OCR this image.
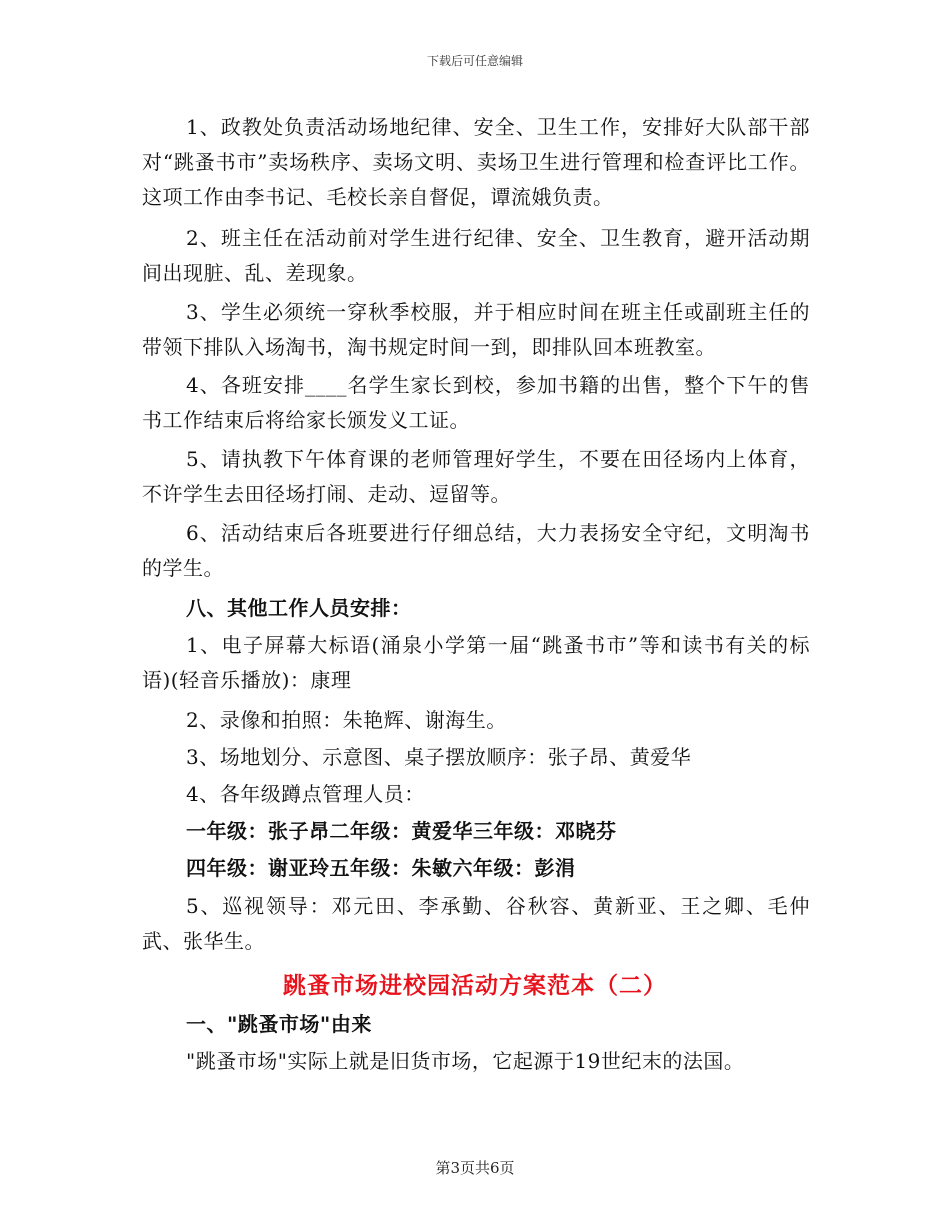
下载后可任意编辑
1、政教处负责活动场地纪律、安全、卫生工作，安排好大队部干部对“跳蚤书市”卖场秩序、卖场文明、卖场卫生进行管理和检查评比工作。这项工作由李书记、毛校长亲自督促，谭流娥负责。
2、班主任在活动前对学生进行纪律、安全、卫生教育，避开活动期间出现脏、乱、差现象。
3、学生必须统一穿秋季校服，并于相应时间在班主任或副班主任的带领下排队入场淘书，淘书规定时间一到，即排队回本班教室。
4、各班安排____名学生家长到校，参加书籍的出售，整个下午的售书工作结束后将给家长颁发义工证。
5、请执教下午体育课的老师管理好学生，不要在田径场内上体育，不许学生去田径场打闹、走动、逗留等。
6、活动结束后各班要进行仔细总结，大力表扬安全守纪，文明淘书的学生。
八、其他工作人员安排：
1、电子屏幕大标语(涌泉小学第一届“跳蚤书市”等和读书有关的标语)(轻音乐播放)：康理
2、录像和拍照：朱艳辉、谢海生。
3、场地划分、示意图、桌子摆放顺序：张子昂、黄爱华
4、各年级蹲点管理人员：
一年级：张子昂二年级：黄爱华三年级：邓晓芬
四年级：谢亚玲五年级：朱敏六年级：彭涓
5、巡视领导：邓元田、李承勤、谷秋容、黄新亚、王之卿、毛仲武、张华生。
跳蚤市场进校园活动方案范本（二）
一、"跳蚤市场"由来
"跳蚤市场"实际上就是旧货市场，它起源于19世纪末的法国。
第3页共6页
